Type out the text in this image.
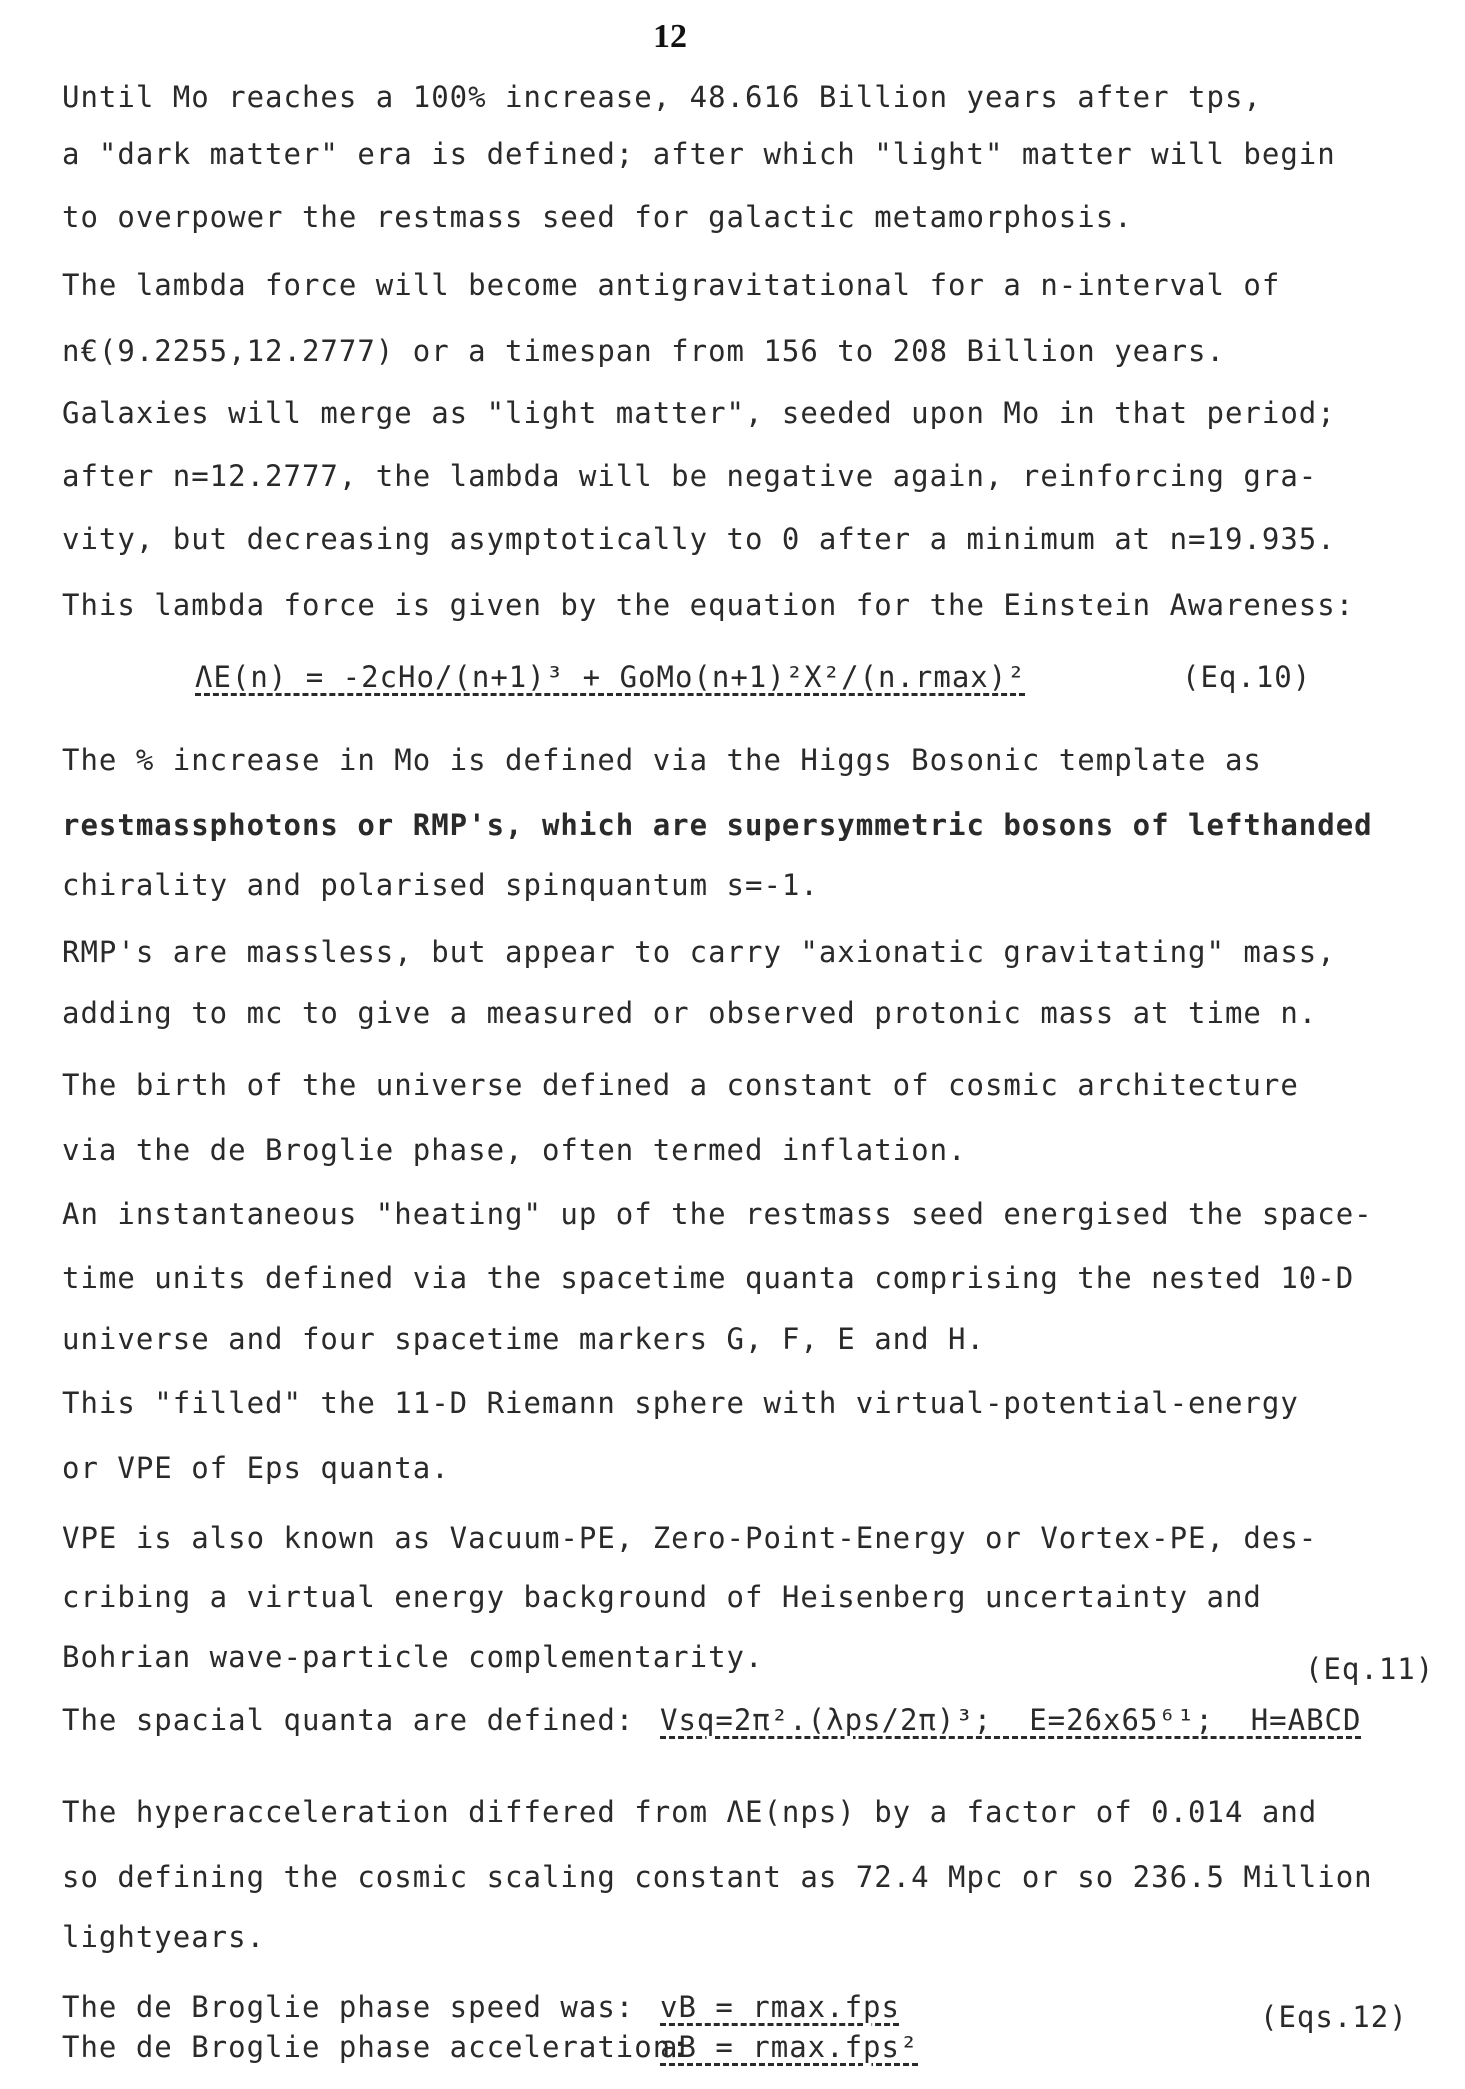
12
Until Mo reaches a 100% increase, 48.616 Billion years after tps,
a "dark matter" era is defined; after which "light" matter will begin
to overpower the restmass seed for galactic metamorphosis.
The lambda force will become antigravitational for a n-interval of
n€(9.2255,12.2777) or a timespan from 156 to 208 Billion years.
Galaxies will merge as "light matter", seeded upon Mo in that period;
after n=12.2777, the lambda will be negative again, reinforcing gra-
vity, but decreasing asymptotically to 0 after a minimum at n=19.935.
This lambda force is given by the equation for the Einstein Awareness:
ΛE(n) = -2cHo/(n+1)³ + GoMo(n+1)²X²/(n.rmax)²	(Eq.10)
The % increase in Mo is defined via the Higgs Bosonic template as
restmassphotons or RMP's, which are supersymmetric bosons of lefthanded
chirality and polarised spinquantum s=-1.
RMP's are massless, but appear to carry "axionatic gravitating" mass,
adding to mc to give a measured or observed protonic mass at time n.
The birth of the universe defined a constant of cosmic architecture
via the de Broglie phase, often termed inflation.
An instantaneous "heating" up of the restmass seed energised the space-
time units defined via the spacetime quanta comprising the nested 10-D
universe and four spacetime markers G, F, E and H.
This "filled" the 11-D Riemann sphere with virtual-potential-energy
or VPE of Eps quanta.
VPE is also known as Vacuum-PE, Zero-Point-Energy or Vortex-PE, des-
cribing a virtual energy background of Heisenberg uncertainty and
Bohrian wave-particle complementarity.	(Eq.11)
The spacial quanta are defined: Vsq=2π².(λps/2π)³;  E=26x65⁶¹;  H=ABCD
The hyperacceleration differed from ΛE(nps) by a factor of 0.014 and
so defining the cosmic scaling constant as 72.4 Mpc or so 236.5 Million
lightyears.
The de Broglie phase speed was: vB = rmax.fps	(Eqs.12)
The de Broglie phase acceleration:
aB = rmax.fps²
